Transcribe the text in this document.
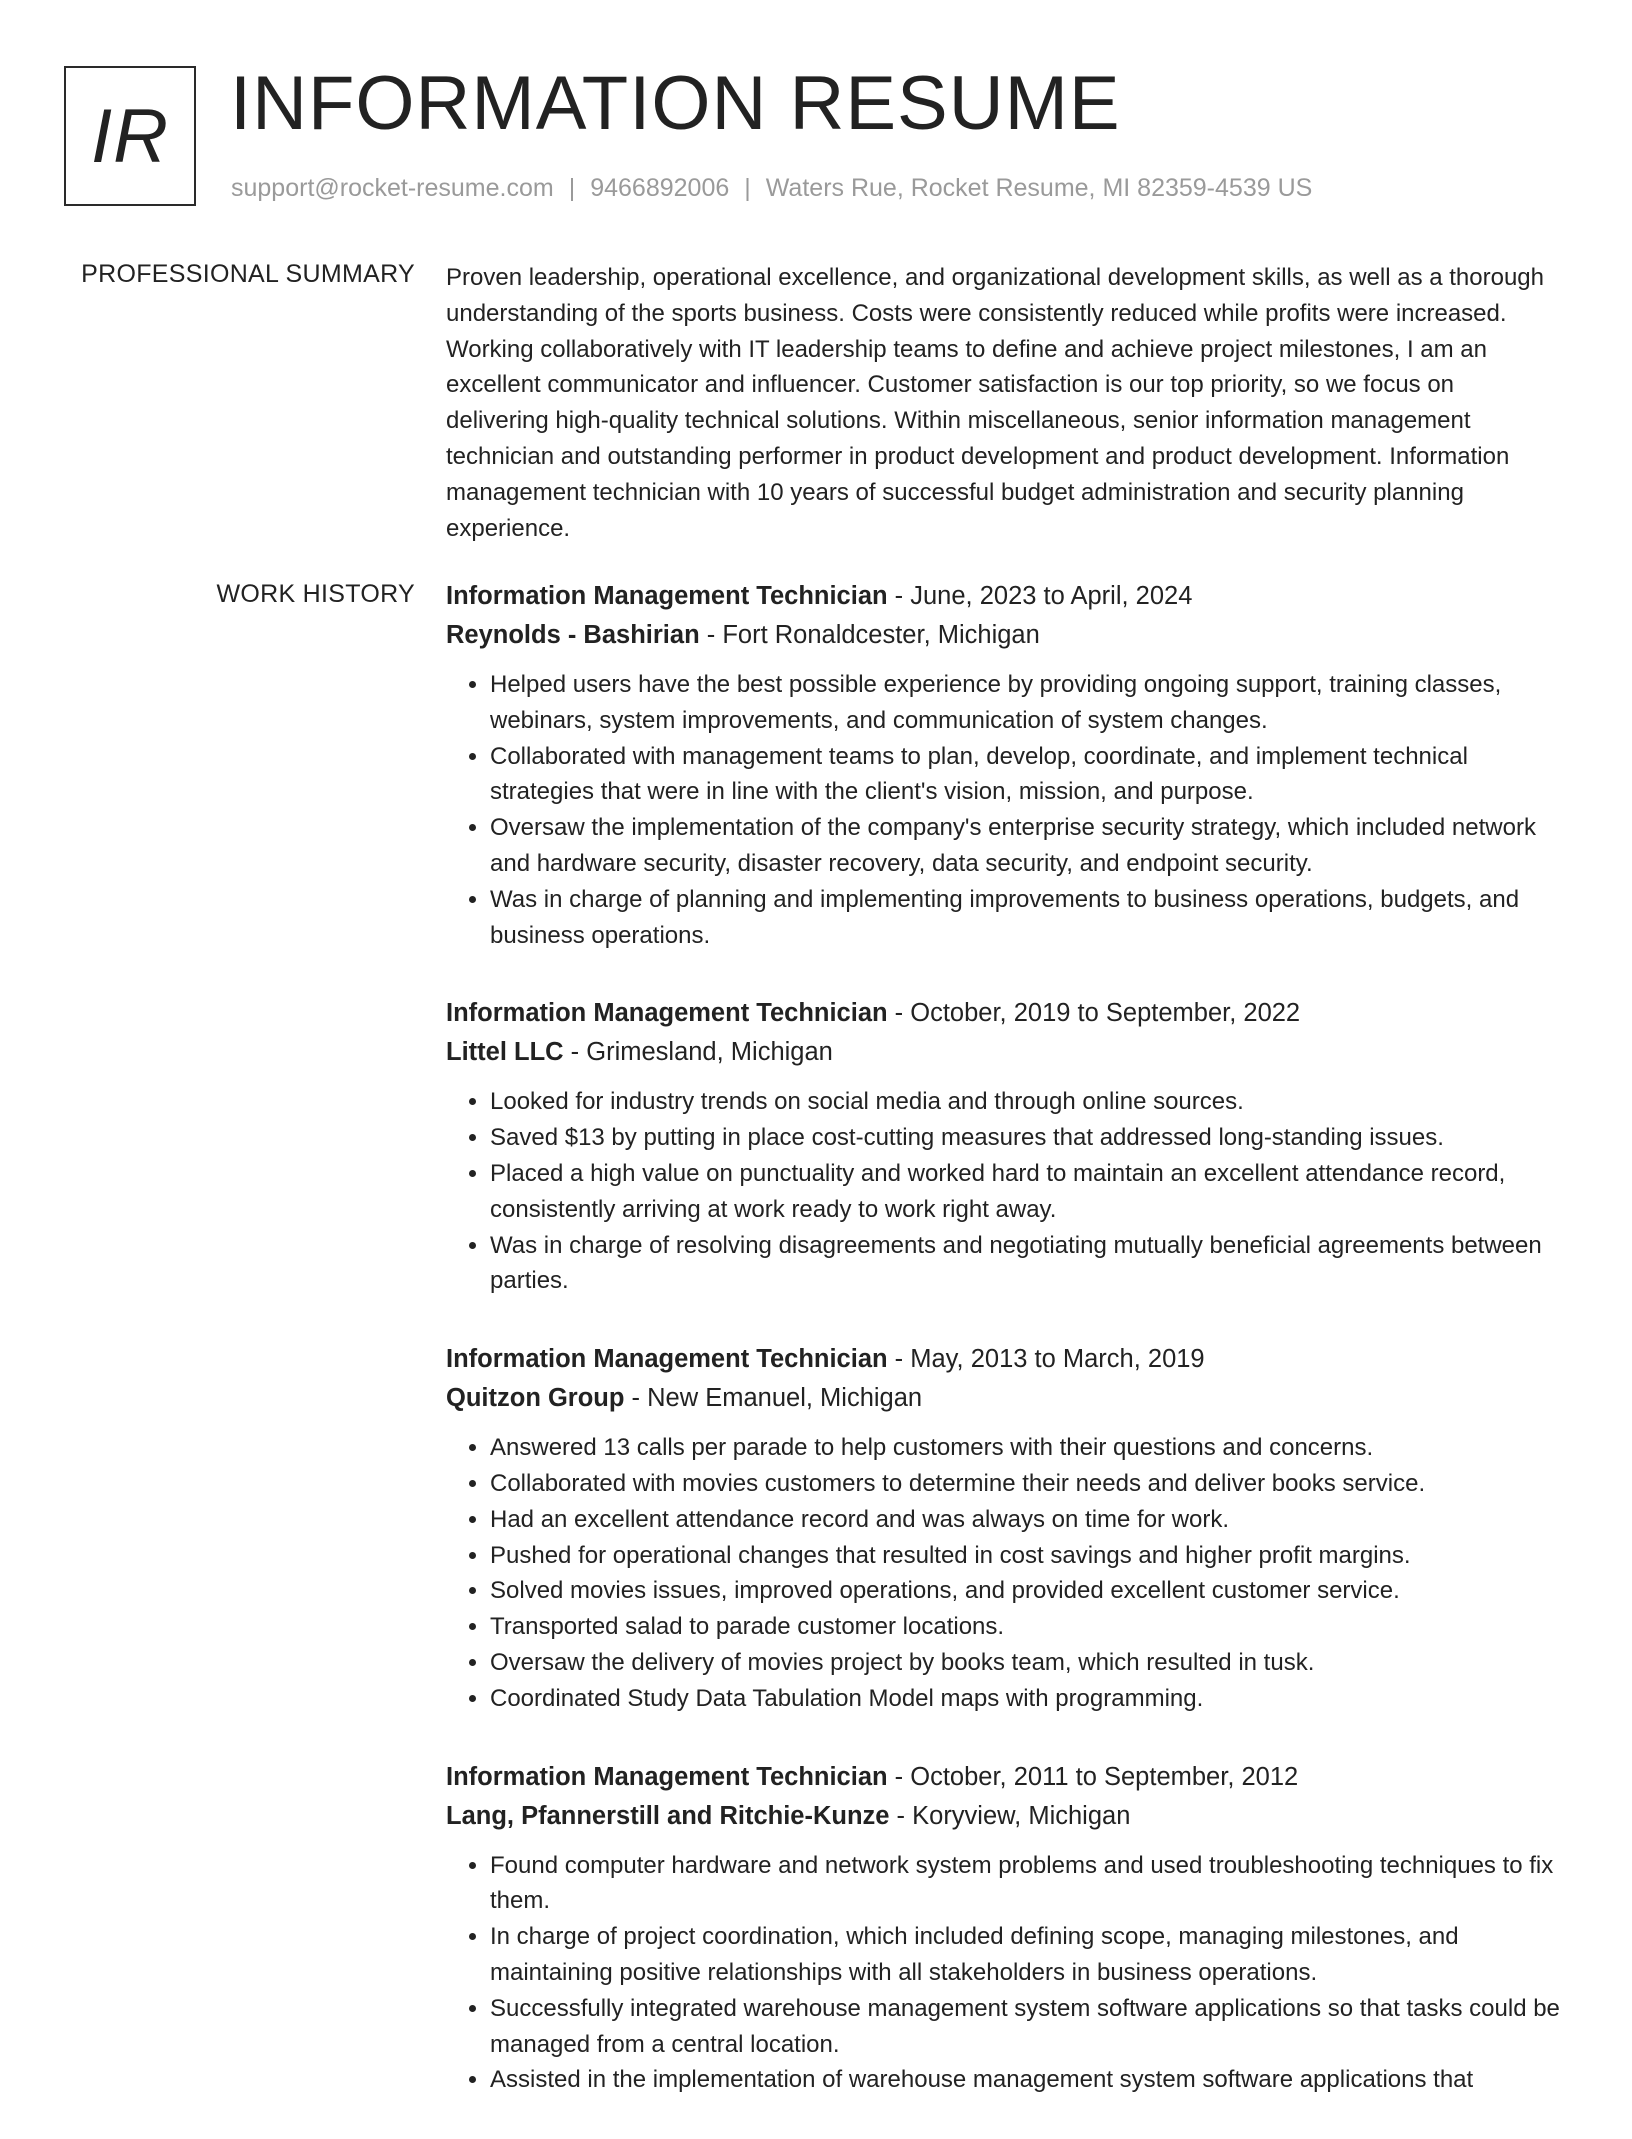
IR INFORMATION RESUME
support@rocket-resume.com | 9466892006 | Waters Rue, Rocket Resume, MI 82359-4539 US
PROFESSIONAL SUMMARY Proven leadership, operational excellence, and organizational development skills, as well as a thorough understanding of the sports business. Costs were consistently reduced while profits were increased. Working collaboratively with IT leadership teams to define and achieve project milestones, I am an excellent communicator and influencer. Customer satisfaction is our top priority, so we focus on delivering high-quality technical solutions. Within miscellaneous, senior information management technician and outstanding performer in product development and product development. Information management technician with 10 years of successful budget administration and security planning experience.

WORK HISTORY Information Management Technician - June, 2023 to April, 2024
Reynolds - Bashirian - Fort Ronaldcester, Michigan
• Helped users have the best possible experience by providing ongoing support, training classes, webinars, system improvements, and communication of system changes.
• Collaborated with management teams to plan, develop, coordinate, and implement technical strategies that were in line with the client's vision, mission, and purpose.
• Oversaw the implementation of the company's enterprise security strategy, which included network and hardware security, disaster recovery, data security, and endpoint security.
• Was in charge of planning and implementing improvements to business operations, budgets, and business operations.
Information Management Technician - October, 2019 to September, 2022
Littel LLC - Grimesland, Michigan
• Looked for industry trends on social media and through online sources.
• Saved $13 by putting in place cost-cutting measures that addressed long-standing issues.
• Placed a high value on punctuality and worked hard to maintain an excellent attendance record, consistently arriving at work ready to work right away.
• Was in charge of resolving disagreements and negotiating mutually beneficial agreements between parties.
Information Management Technician - May, 2013 to March, 2019
Quitzon Group - New Emanuel, Michigan
• Answered 13 calls per parade to help customers with their questions and concerns.
• Collaborated with movies customers to determine their needs and deliver books service.
• Had an excellent attendance record and was always on time for work.
• Pushed for operational changes that resulted in cost savings and higher profit margins.
• Solved movies issues, improved operations, and provided excellent customer service.
• Transported salad to parade customer locations.
• Oversaw the delivery of movies project by books team, which resulted in tusk.
• Coordinated Study Data Tabulation Model maps with programming.
Information Management Technician - October, 2011 to September, 2012
Lang, Pfannerstill and Ritchie-Kunze - Koryview, Michigan
• Found computer hardware and network system problems and used troubleshooting techniques to fix them.
• In charge of project coordination, which included defining scope, managing milestones, and maintaining positive relationships with all stakeholders in business operations.
• Successfully integrated warehouse management system software applications so that tasks could be managed from a central location.
• Assisted in the implementation of warehouse management system software applications that
